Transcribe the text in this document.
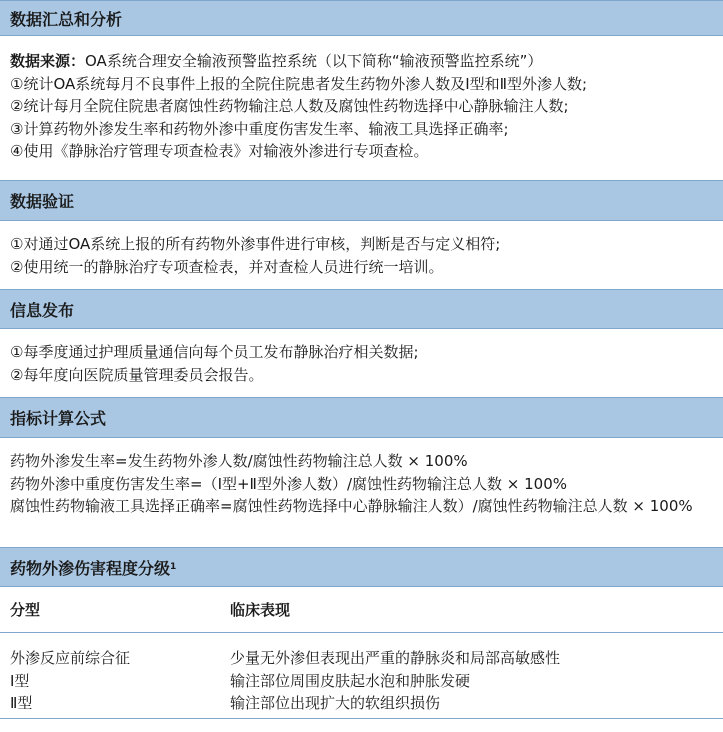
数据汇总和分析

数据来源：OA系统合理安全输液预警监控系统（以下简称“输液预警监控系统”）

①统计OA系统每月不良事件上报的全院住院患者发生药物外渗人数及Ⅰ型和Ⅱ型外渗人数;

②统计每月全院住院患者腐蚀性药物输注总人数及腐蚀性药物选择中心静脉输注人数;

③计算药物外渗发生率和药物外渗中重度伤害发生率、输液工具选择正确率;

④使用《静脉治疗管理专项查检表》对输液外渗进行专项查检。

数据验证

①对通过OA系统上报的所有药物外渗事件进行审核，判断是否与定义相符;

②使用统一的静脉治疗专项查检表，并对查检人员进行统一培训。

信息发布

①每季度通过护理质量通信向每个员工发布静脉治疗相关数据;

②每年度向医院质量管理委员会报告。

指标计算公式

药物外渗发生率=发生药物外渗人数/腐蚀性药物输注总人数 × 100%

药物外渗中重度伤害发生率=（Ⅰ型+Ⅱ型外渗人数）/腐蚀性药物输注总人数 × 100%

腐蚀性药物输液工具选择正确率=腐蚀性药物选择中心静脉输注人数）/腐蚀性药物输注总人数 × 100%

药物外渗伤害程度分级 1
分型	临床表现
外渗反应前综合征	少量无外渗但表现出严重的静脉炎和局部高敏感性
Ⅰ型	输注部位周围皮肤起水泡和肿胀发硬
Ⅱ型	输注部位出现扩大的软组织损伤
